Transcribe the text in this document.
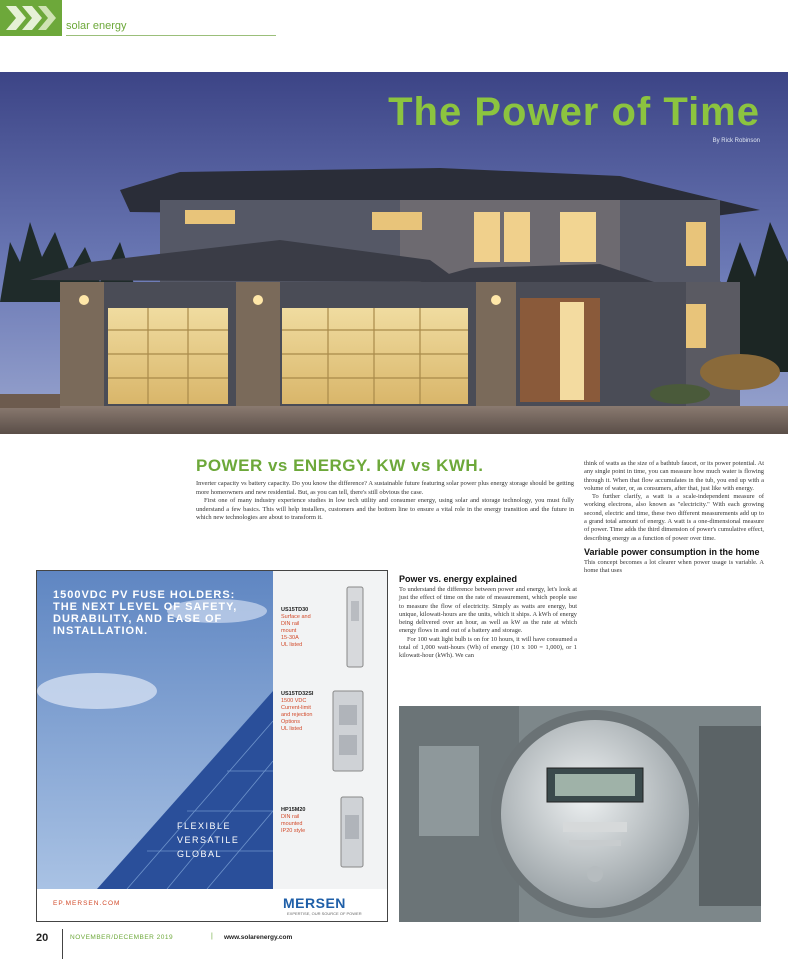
solar energy
The Power of Time
By Rick Robinson
POWER vs ENERGY. KW vs KWH.

Inverter capacity vs battery capacity. Do you know the difference? A sustainable future featuring solar power plus energy storage should be getting more homeowners and new residential. But, as you can tell, there's still obvious the case.

First one of many industry experience studies in low tech utility and consumer energy, using solar and storage technology, you must fully understand a few basics. This will help installers, customers and the bottom line to ensure a vital role in the energy transition and the future in which new technologies are about to transform it.

think of watts as the size of a bathtub faucet, or its power potential. At any single point in time, you can measure how much water is flowing through it. When that flow accumulates in the tub, you end up with a volume of water, or, as consumers, after that, just like with energy.

To further clarify, a watt is a scale-independent measure of working electrons, also known as "electricity." With each growing second, electric and time, these two different measurements add up to a grand total amount of energy. A watt is a one-dimensional measure of power. Time adds the third dimension of power's cumulative effect, describing energy as a function of power over time.

Variable power consumption in the home

This concept becomes a lot clearer when power usage is variable. A home that uses

Power vs. energy explained

To understand the difference between power and energy, let's look at just the effect of time on the rate of measurement, which people use to measure the flow of electricity. Simply as watts are energy, but unique, kilowatt-hours are the units, which it ships. A kWh of energy being delivered over an hour, as well as kW as the rate at which energy flows in and out of a battery and storage.

For 100 watt light bulb is on for 10 hours, it will have consumed a total of 1,000 watt-hours (Wh) of energy (10 x 100 = 1,000), or 1 kilowatt-hour (kWh). We can

1500VDC PV FUSE HOLDERS: THE NEXT LEVEL OF SAFETY, DURABILITY, AND EASE OF INSTALLATION.
FLEXIBLE
VERSATILE
GLOBAL
US15TD30
Surface and
DIN rail
mount
15-30A
UL listed
US15TD32SI
1500 VDC
Current-limit
and rejection
Options
UL listed
HP15M20
DIN rail
mounted
IP20 style
EP.MERSEN.COM	MERSEN
EXPERTISE, OUR SOURCE OF POWER
20	NOVEMBER/DECEMBER 2019	| www.solarenergy.com
